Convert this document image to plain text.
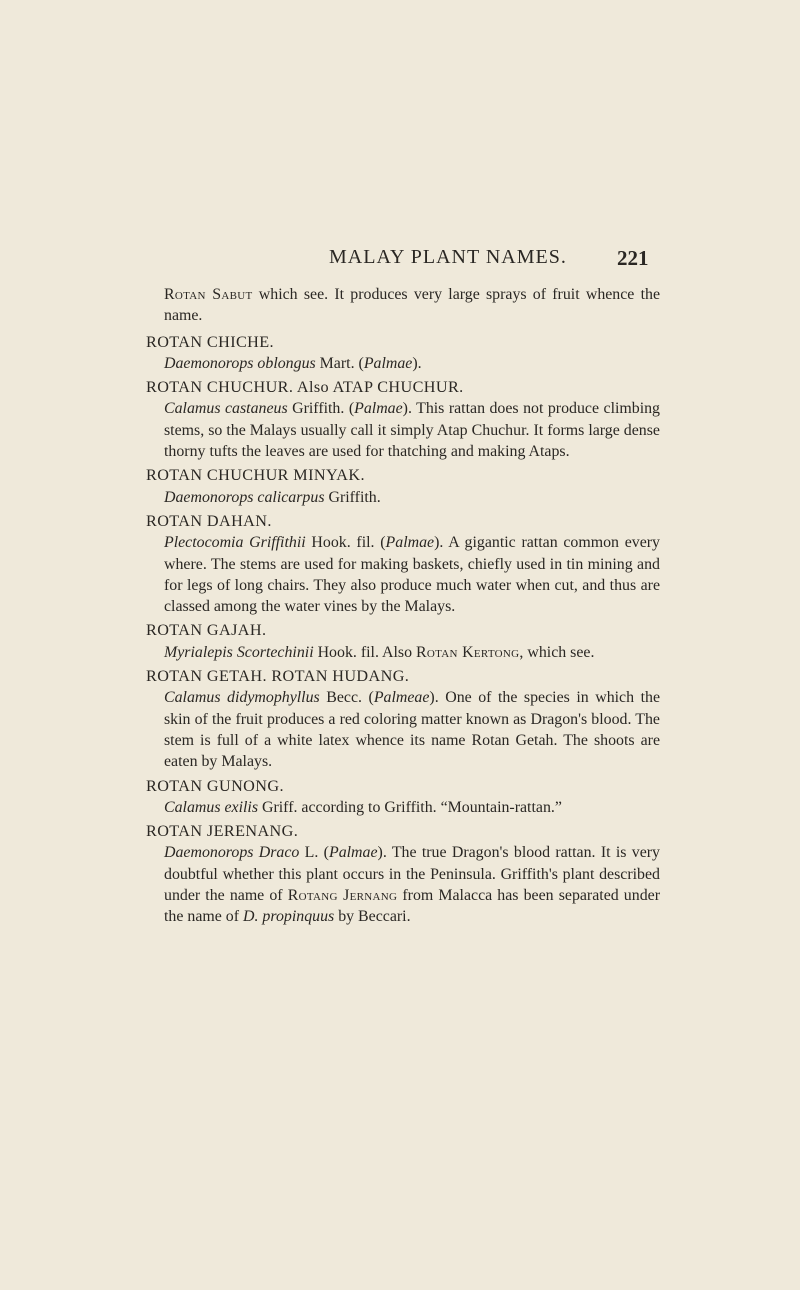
MALAY PLANT NAMES. 221

Rotan Sabut which see. It produces very large sprays of fruit whence the name.

ROTAN CHICHE.
Daemonorops oblongus Mart. (Palmae).
ROTAN CHUCHUR. Also ATAP CHUCHUR.
Calamus castaneus Griffith. (Palmae). This rattan does not produce climbing stems, so the Malays usually call it simply Atap Chuchur. It forms large dense thorny tufts the leaves are used for thatching and making Ataps.
ROTAN CHUCHUR MINYAK.
Daemonorops calicarpus Griffith.
ROTAN DAHAN.
Plectocomia Griffithii Hook. fil. (Palmae). A gigantic rattan common every where. The stems are used for making baskets, chiefly used in tin mining and for legs of long chairs. They also produce much water when cut, and thus are classed among the water vines by the Malays.
ROTAN GAJAH.
Myrialepis Scortechinii Hook. fil. Also Rotan Kertong, which see.
ROTAN GETAH. ROTAN HUDANG.
Calamus didymophyllus Becc. (Palmeae). One of the species in which the skin of the fruit produces a red coloring matter known as Dragon's blood. The stem is full of a white latex whence its name Rotan Getah. The shoots are eaten by Malays.
ROTAN GUNONG.
Calamus exilis Griff. according to Griffith. “Mountain-rattan.”
ROTAN JERENANG.
Daemonorops Draco L. (Palmae). The true Dragon's blood rattan. It is very doubtful whether this plant occurs in the Peninsula. Griffith's plant described under the name of Rotang Jernang from Malacca has been separated under the name of D. propinquus by Beccari.
